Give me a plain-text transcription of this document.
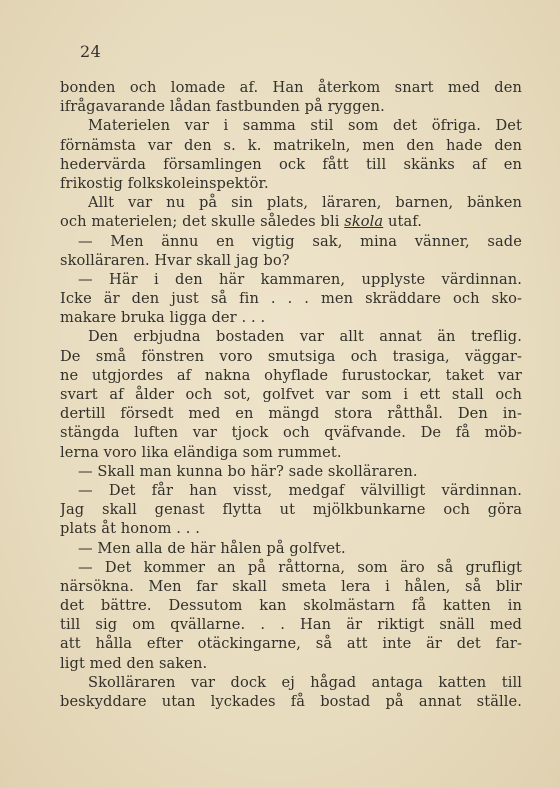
24
bonden och lomade af. Han återkom snart med den
ifrågavarande lådan fastbunden på ryggen.
Materielen var i samma stil som det öfriga. Det
förnämsta var den s. k. matrikeln, men den hade den
hedervärda församlingen ock fått till skänks af en
frikostig folkskoleinspektör.
Allt var nu på sin plats, läraren, barnen, bänken
och materielen; det skulle således bli skola utaf.
— Men ännu en vigtig sak, mina vänner, sade
skolläraren. Hvar skall jag bo?
— Här i den här kammaren, upplyste värdinnan.
Icke är den just så fin . . . men skräddare och sko-
makare bruka ligga der . . .
Den erbjudna bostaden var allt annat än treflig.
De små fönstren voro smutsiga och trasiga, väggar-
ne utgjordes af nakna ohyflade furustockar, taket var
svart af ålder och sot, golfvet var som i ett stall och
dertill försedt med en mängd stora råtthål. Den in-
stängda luften var tjock och qväfvande. De få möb-
lerna voro lika eländiga som rummet.
— Skall man kunna bo här? sade skolläraren.
— Det får han visst, medgaf välvilligt värdinnan.
Jag skall genast flytta ut mjölkbunkarne och göra
plats åt honom . . .
— Men alla de här hålen på golfvet.
— Det kommer an på råttorna, som äro så grufligt
närsökna. Men far skall smeta lera i hålen, så blir
det bättre. Dessutom kan skolmästarn få katten in
till sig om qvällarne. . . Han är riktigt snäll med
att hålla efter otäckingarne, så att inte är det far-
ligt med den saken.
Skolläraren var dock ej hågad antaga katten till
beskyddare utan lyckades få bostad på annat ställe.
